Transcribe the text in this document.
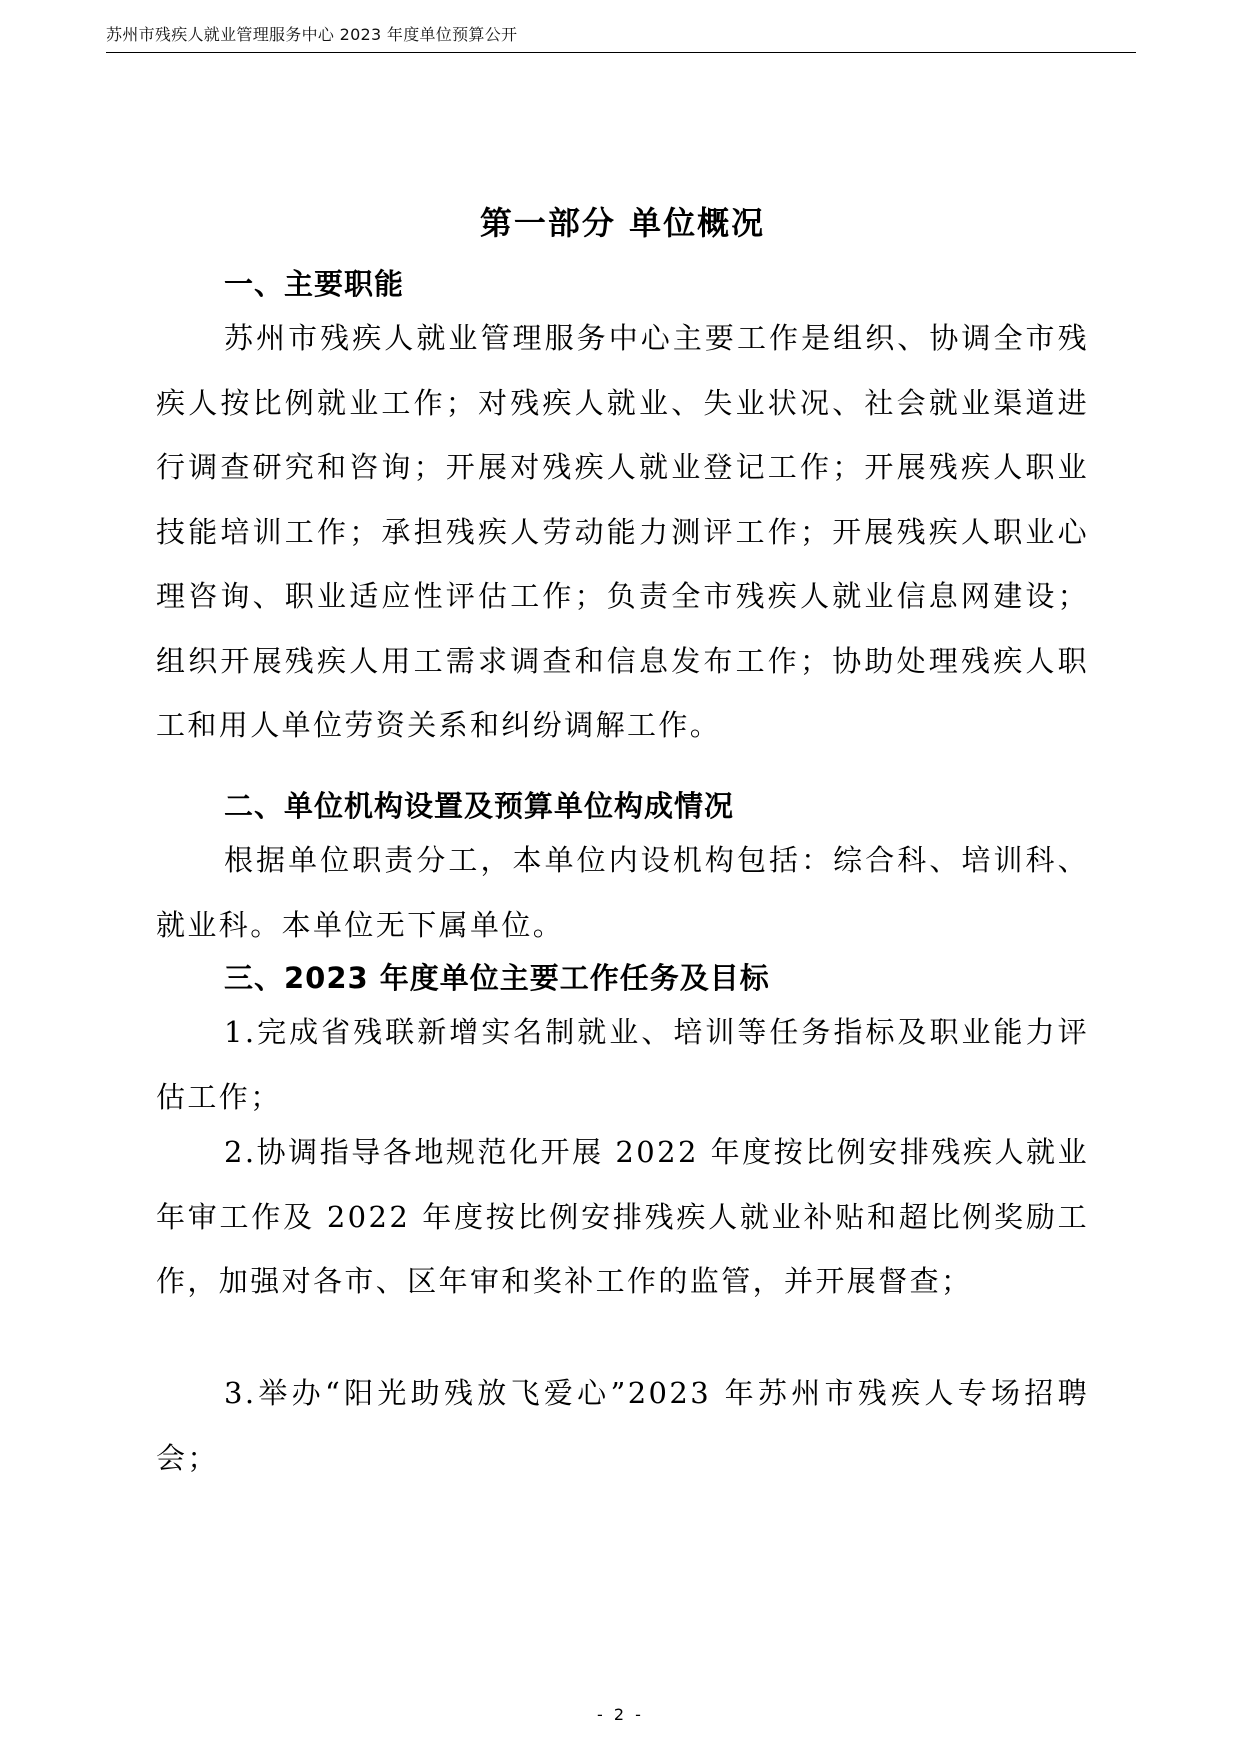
苏州市残疾人就业管理服务中心 2023 年度单位预算公开
第一部分 单位概况
一、主要职能

苏州市残疾人就业管理服务中心主要工作是组织、协调全市残疾人按比例就业工作；对残疾人就业、失业状况、社会就业渠道进行调查研究和咨询；开展对残疾人就业登记工作；开展残疾人职业技能培训工作；承担残疾人劳动能力测评工作；开展残疾人职业心理咨询、职业适应性评估工作；负责全市残疾人就业信息网建设；组织开展残疾人用工需求调查和信息发布工作；协助处理残疾人职工和用人单位劳资关系和纠纷调解工作。

二、单位机构设置及预算单位构成情况

根据单位职责分工，本单位内设机构包括：综合科、培训科、就业科。本单位无下属单位。

三、2023 年度单位主要工作任务及目标

1.完成省残联新增实名制就业、培训等任务指标及职业能力评估工作；

2.协调指导各地规范化开展 2022 年度按比例安排残疾人就业年审工作及 2022 年度按比例安排残疾人就业补贴和超比例奖励工作，加强对各市、区年审和奖补工作的监管，并开展督查；

3.举办“阳光助残放飞爱心”2023 年苏州市残疾人专场招聘会；

- 2 -
